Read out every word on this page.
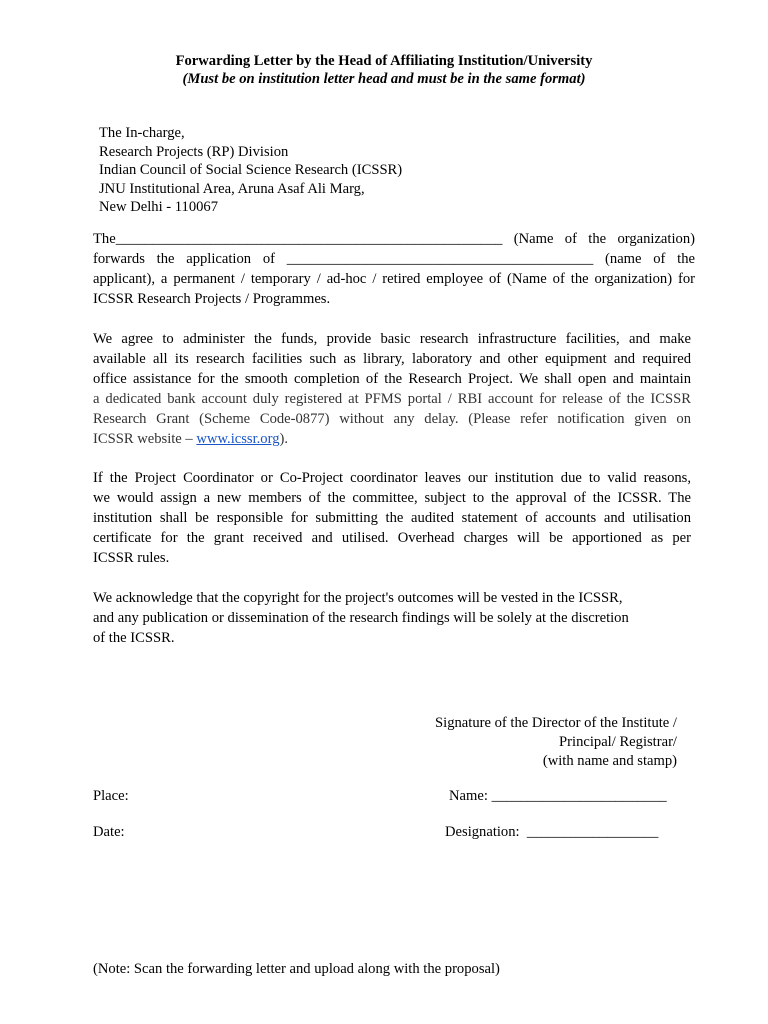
Forwarding Letter by the Head of Affiliating Institution/University

(Must be on institution letter head and must be in the same format)

The In-charge,
Research Projects (RP) Division
Indian Council of Social Science Research (ICSSR)
JNU Institutional Area, Aruna Asaf Ali Marg,
New Delhi - 110067
The_____________________________________________________ (Name of the organization)
forwards the application of __________________________________________ (name of the
applicant), a permanent / temporary / ad-hoc / retired employee of (Name of the organization) for
ICSSR Research Projects / Programmes.
We agree to administer the funds, provide basic research infrastructure facilities, and make
available all its research facilities such as library, laboratory and other equipment and required
office assistance for the smooth completion of the Research Project. We shall open and maintain
a dedicated bank account duly registered at PFMS portal / RBI account for release of the ICSSR
Research Grant (Scheme Code-0877) without any delay. (Please refer notification given on
ICSSR website – www.icssr.org).
If the Project Coordinator or Co-Project coordinator leaves our institution due to valid reasons,
we would assign a new members of the committee, subject to the approval of the ICSSR. The
institution shall be responsible for submitting the audited statement of accounts and utilisation
certificate for the grant received and utilised. Overhead charges will be apportioned as per
ICSSR rules.
We acknowledge that the copyright for the project's outcomes will be vested in the ICSSR,
and any publication or dissemination of the research findings will be solely at the discretion
of the ICSSR.
Signature of the Director of the Institute /
Principal/ Registrar/
(with name and stamp)
Place:
Date:
Name: ________________________
Designation: __________________

(Note: Scan the forwarding letter and upload along with the proposal)
